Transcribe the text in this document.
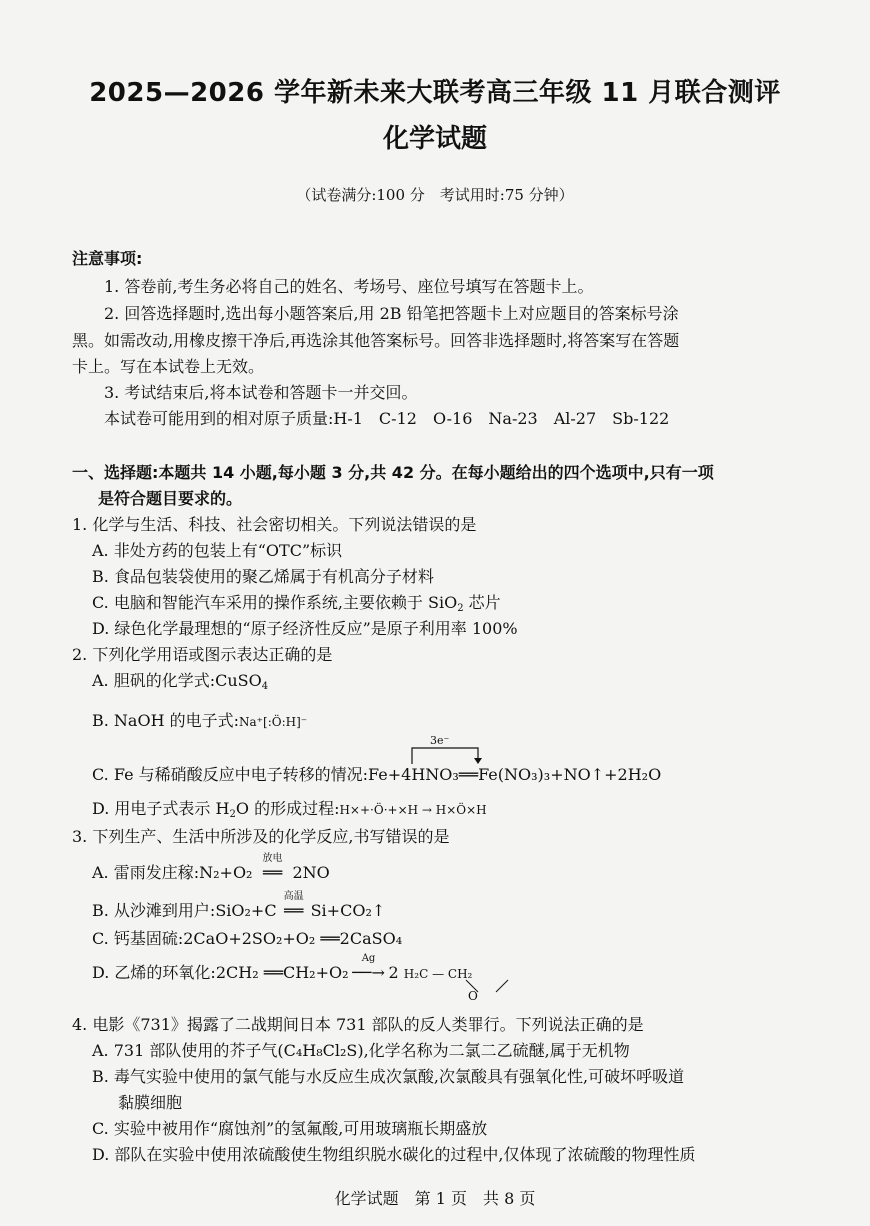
2025—2026 学年新未来大联考高三年级 11 月联合测评
化学试题
（试卷满分:100 分　考试用时:75 分钟）
注意事项:
1. 答卷前,考生务必将自己的姓名、考场号、座位号填写在答题卡上。
2. 回答选择题时,选出每小题答案后,用 2B 铅笔把答题卡上对应题目的答案标号涂
黑。如需改动,用橡皮擦干净后,再选涂其他答案标号。回答非选择题时,将答案写在答题
卡上。写在本试卷上无效。
3. 考试结束后,将本试卷和答题卡一并交回。
本试卷可能用到的相对原子质量:H-1　C-12　O-16　Na-23　Al-27　Sb-122
一、选择题:本题共 14 小题,每小题 3 分,共 42 分。在每小题给出的四个选项中,只有一项
是符合题目要求的。
1. 化学与生活、科技、社会密切相关。下列说法错误的是
A. 非处方药的包装上有“OTC”标识
B. 食品包装袋使用的聚乙烯属于有机高分子材料
C. 电脑和智能汽车采用的操作系统,主要依赖于 SiO$_2$ 芯片
D. 绿色化学最理想的“原子经济性反应”是原子利用率 100%
2. 下列化学用语或图示表达正确的是
A. 胆矾的化学式:CuSO$_4$
B. NaOH 的电子式:Na⁺[:Ö:H]⁻
3e⁻
C. Fe 与稀硝酸反应中电子转移的情况:Fe+4HNO₃══Fe(NO₃)₃+NO↑+2H₂O
D. 用电子式表示 $H_2O$ 的形成过程:H×+·Ö·+×H → H×Ö×H
3. 下列生产、生活中所涉及的化学反应,书写错误的是
A. 雷雨发庄稼:N₂+O₂
放电
══ 2NO
B. 从沙滩到用户:SiO₂+C
高温
══ Si+CO₂↑
C. 钙基固硫:2CaO+2SO₂+O₂ ══2CaSO₄
D. 乙烯的环氧化:2CH₂ ══CH₂+O₂
Ag
──→ 2 H₂C — CH₂
O
4. 电影《731》揭露了二战期间日本 731 部队的反人类罪行。下列说法正确的是
A. 731 部队使用的芥子气(C₄H₈Cl₂S),化学名称为二氯二乙硫醚,属于无机物
B. 毒气实验中使用的氯气能与水反应生成次氯酸,次氯酸具有强氧化性,可破坏呼吸道
黏膜细胞
C. 实验中被用作“腐蚀剂”的氢氟酸,可用玻璃瓶长期盛放
D. 部队在实验中使用浓硫酸使生物组织脱水碳化的过程中,仅体现了浓硫酸的物理性质
化学试题　第 1 页　共 8 页
